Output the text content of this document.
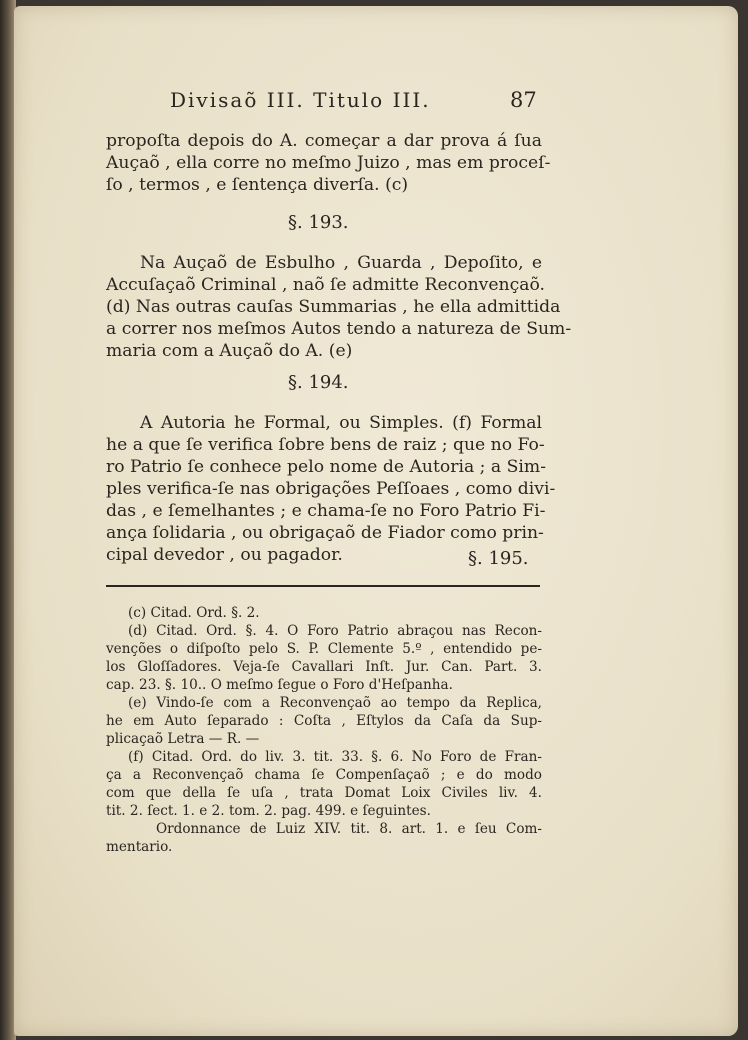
Divisaõ III. Titulo III.	87
propoſta depois do A. começar a dar prova á ſua
Auçaõ , ella corre no meſmo Juizo , mas em proceſ-
ſo , termos , e ſentença diverſa. (c)
§. 193.
Na Auçaõ de Esbulho , Guarda , Depoſito, e
Accuſaçaõ Criminal , naõ ſe admitte Reconvençaõ.
(d) Nas outras cauſas Summarias , he ella admittida
a correr nos meſmos Autos tendo a natureza de Sum-
maria com a Auçaõ do A. (e)
§. 194.
A Autoria he Formal, ou Simples. (f) Formal
he a que ſe verifica ſobre bens de raiz ; que no Fo-
ro Patrio ſe conhece pelo nome de Autoria ; a Sim-
ples verifica-ſe nas obrigações Peſſoaes , como divi-
das , e ſemelhantes ; e chama-ſe no Foro Patrio Fi-
ança ſolidaria , ou obrigaçaõ de Fiador como prin-
cipal devedor , ou pagador.	§. 195.
(c) Citad. Ord. §. 2.
(d) Citad. Ord. §. 4. O Foro Patrio abraçou nas Recon-
venções o diſpoſto pelo S. P. Clemente 5.º , entendido pe-
los Gloſſadores. Veja-ſe Cavallari Inſt. Jur. Can. Part. 3.
cap. 23. §. 10.. O meſmo ſegue o Foro d'Heſpanha.
(e) Vindo-ſe com a Reconvençaõ ao tempo da Replica,
he em Auto ſeparado : Coſta , Eſtylos da Caſa da Sup-
plicaçaõ Letra — R. —
(f) Citad. Ord. do liv. 3. tit. 33. §. 6. No Foro de Fran-
ça a Reconvençaõ chama ſe Compenſaçaõ ; e do modo
com que della ſe uſa , trata Domat Loix Civiles liv. 4.
tit. 2. ſect. 1. e 2. tom. 2. pag. 499. e ſeguintes.
Ordonnance de Luiz XIV. tit. 8. art. 1. e ſeu Com-
mentario.
